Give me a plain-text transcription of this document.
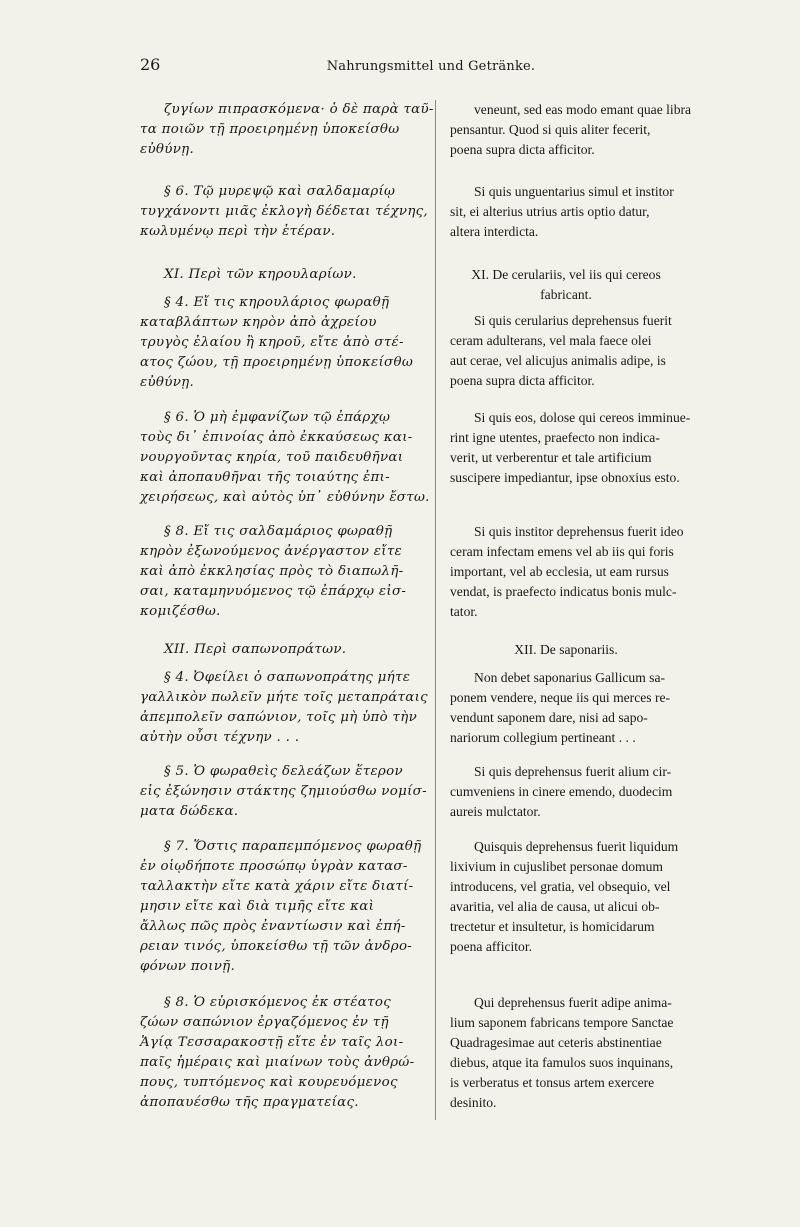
26	Nahrungsmittel und Getränke.
ζυγίων πιπρασκόμενα· ὁ δὲ παρὰ ταῦ-
τα ποιῶν τῇ προειρημένῃ ὑποκείσθω
εὐθύνῃ.
§ 6. Τῷ μυρεψῷ καὶ σαλδαμαρίῳ
τυγχάνοντι μιᾶς ἐκλογὴ δέδεται τέχνης,
κωλυμένῳ περὶ τὴν ἑτέραν.
XI. Περὶ τῶν κηρουλαρίων.
§ 4. Εἴ τις κηρουλάριος φωραθῇ
καταβλάπτων κηρὸν ἀπὸ ἀχρείου
τρυγὸς ἐλαίου ἢ κηροῦ, εἴτε ἀπὸ στέ-
ατος ζώου, τῇ προειρημένῃ ὑποκείσθω
εὐθύνῃ.
§ 6. Ὁ μὴ ἐμφανίζων τῷ ἐπάρχῳ
τοὺς δι᾽ ἐπινοίας ἀπὸ ἐκκαύσεως και-
νουργοῦντας κηρία, τοῦ παιδευθῆναι
καὶ ἀποπαυθῆναι τῆς τοιαύτης ἐπι-
χειρήσεως, καὶ αὐτὸς ὑπ᾽ εὐθύνην ἔστω.
§ 8. Εἴ τις σαλδαμάριος φωραθῇ
κηρὸν ἐξωνούμενος ἀνέργαστον εἴτε
καὶ ἀπὸ ἐκκλησίας πρὸς τὸ διαπωλῆ-
σαι, καταμηνυόμενος τῷ ἐπάρχῳ εἰσ-
κομιζέσθω.
XII. Περὶ σαπωνοπράτων.
§ 4. Ὀφείλει ὁ σαπωνοπράτης μήτε
γαλλικὸν πωλεῖν μήτε τοῖς μεταπράταις
ἀπεμπολεῖν σαπώνιον, τοῖς μὴ ὑπὸ τὴν
αὐτὴν οὖσι τέχνην . . .
§ 5. Ὁ φωραθεὶς δελεάζων ἕτερον
εἰς ἐξώνησιν στάκτης ζημιούσθω νομίσ-
ματα δώδεκα.
§ 7. Ὅστις παραπεμπόμενος φωραθῇ
ἐν οἱῳδήποτε προσώπῳ ὑγρὰν κατασ-
ταλλακτὴν εἴτε κατὰ χάριν εἴτε διατί-
μησιν εἴτε καὶ διὰ τιμῆς εἴτε καὶ
ἄλλως πῶς πρὸς ἐναντίωσιν καὶ ἐπή-
ρειαν τινός, ὑποκείσθω τῇ τῶν ἀνδρο-
φόνων ποινῇ.
§ 8. Ὁ εὑρισκόμενος ἐκ στέατος
ζώων σαπώνιον ἐργαζόμενος ἐν τῇ
Ἁγίᾳ Τεσσαρακοστῇ εἴτε ἐν ταῖς λοι-
παῖς ἡμέραις καὶ μιαίνων τοὺς ἀνθρώ-
πους, τυπτόμενος καὶ κουρευόμενος
ἀποπαυέσθω τῆς πραγματείας.
veneunt, sed eas modo emant quae libra
pensantur. Quod si quis aliter fecerit,
poena supra dicta afficitor.
Si quis unguentarius simul et institor
sit, ei alterius utrius artis optio datur,
altera interdicta.
XI. De cerulariis, vel iis qui cereos
fabricant.
Si quis cerularius deprehensus fuerit
ceram adulterans, vel mala faece olei
aut cerae, vel alicujus animalis adipe, is
poena supra dicta afficitor.
Si quis eos, dolose qui cereos imminue-
rint igne utentes, praefecto non indica-
verit, ut verberentur et tale artificium
suscipere impediantur, ipse obnoxius esto.
Si quis institor deprehensus fuerit ideo
ceram infectam emens vel ab iis qui foris
important, vel ab ecclesia, ut eam rursus
vendat, is praefecto indicatus bonis mulc-
tator.
XII. De saponariis.
Non debet saponarius Gallicum sa-
ponem vendere, neque iis qui merces re-
vendunt saponem dare, nisi ad sapo-
nariorum collegium pertineant . . .
Si quis deprehensus fuerit alium cir-
cumveniens in cinere emendo, duodecim
aureis mulctator.
Quisquis deprehensus fuerit liquidum
lixivium in cujuslibet personae domum
introducens, vel gratia, vel obsequio, vel
avaritia, vel alia de causa, ut alicui ob-
trectetur et insultetur, is homicidarum
poena afficitor.
Qui deprehensus fuerit adipe anima-
lium saponem fabricans tempore Sanctae
Quadragesimae aut ceteris abstinentiae
diebus, atque ita famulos suos inquinans,
is verberatus et tonsus artem exercere
desinito.
